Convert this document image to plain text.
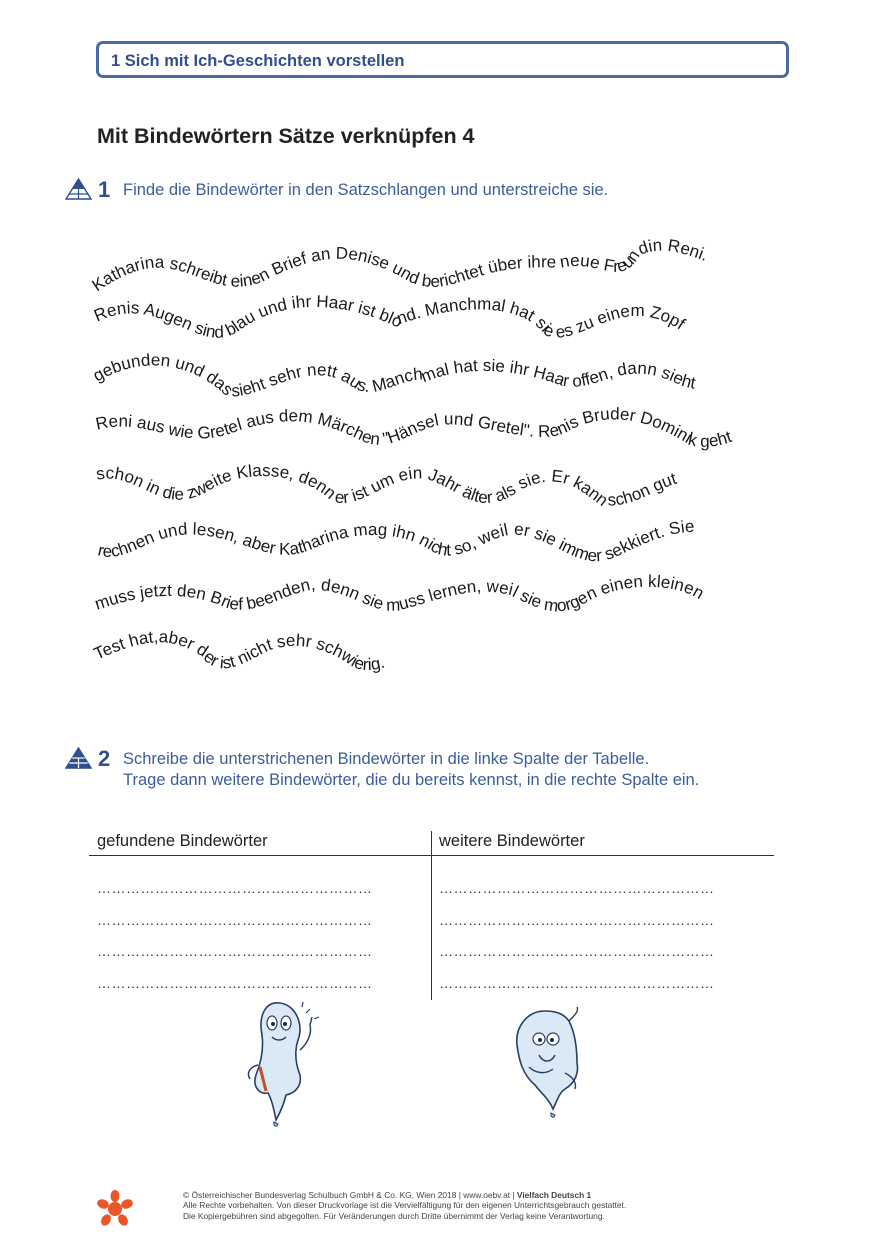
1 Sich mit Ich-Geschichten vorstellen
Mit Bindewörtern Sätze verknüpfen 4
1 Finde die Bindewörter in den Satzschlangen und unterstreiche sie.
Katharina schreibt einen Brief an Denise und berichtet über ihre neue Freundin Reni.
Renis Augen sind blau und ihr Haar ist blond. Manchmal hat sie es zu einem Zopf
gebunden und das sieht sehr nett aus. Manchmal hat sie ihr Haar offen, dann sieht
Reni aus wie Gretel aus dem Märchen "Hänsel und Gretel". Renis Bruder Dominik geht
schon in die zweite Klasse, denn er ist um ein Jahr älter als sie. Er kann schon gut
rechnen und lesen, aber Katharina mag ihn nicht so, weil er sie immer sekkiert. Sie
muss jetzt den Brief beenden, denn sie muss lernen, weil sie morgen einen kleinen
Test hat,aber der ist nicht sehr schwierig.
2 Schreibe die unterstrichenen Bindewörter in die linke Spalte der Tabelle.
Trage dann weitere Bindewörter, die du bereits kennst, in die rechte Spalte ein.
gefundene Bindewörter	weitere Bindewörter
…………………………………………………
…………………………………………………
…………………………………………………
…………………………………………………
…………………………………………………
…………………………………………………
…………………………………………………
…………………………………………………
© Österreichischer Bundesverlag Schulbuch GmbH & Co. KG, Wien 2018 | www.oebv.at | Vielfach Deutsch 1
Alle Rechte vorbehalten. Von dieser Druckvorlage ist die Vervielfältigung für den eigenen Unterrichtsgebrauch gestattet.
Die Kopiergebühren sind abgegolten. Für Veränderungen durch Dritte übernimmt der Verlag keine Verantwortung.
